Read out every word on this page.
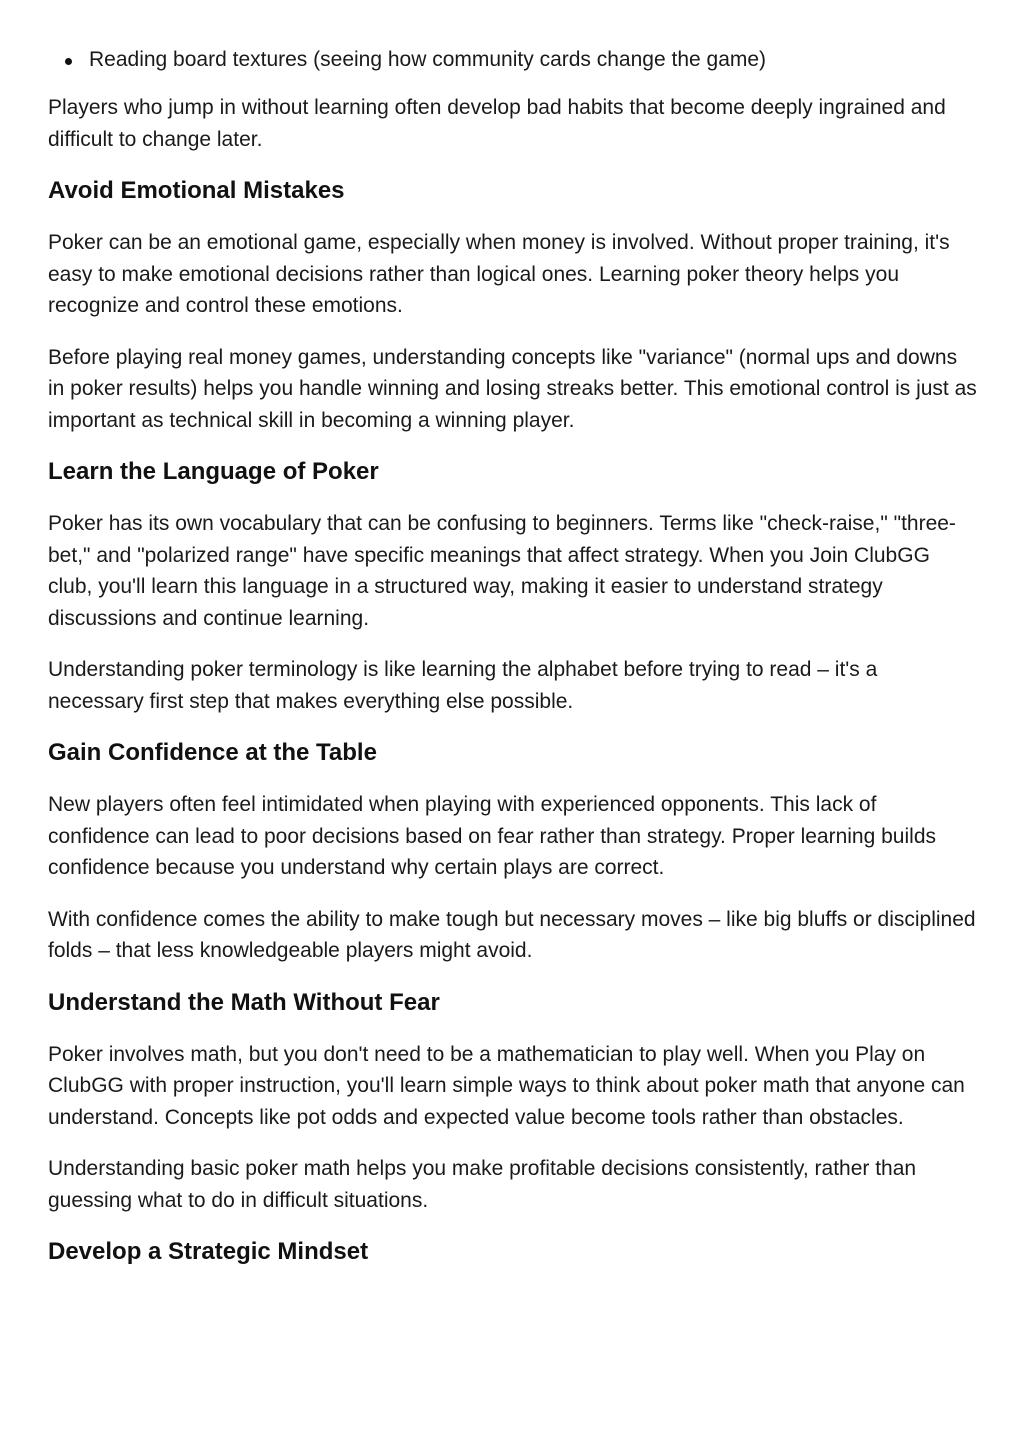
Reading board textures (seeing how community cards change the game)

Players who jump in without learning often develop bad habits that become deeply ingrained and difficult to change later.

Avoid Emotional Mistakes

Poker can be an emotional game, especially when money is involved. Without proper training, it's easy to make emotional decisions rather than logical ones. Learning poker theory helps you recognize and control these emotions.

Before playing real money games, understanding concepts like "variance" (normal ups and downs in poker results) helps you handle winning and losing streaks better. This emotional control is just as important as technical skill in becoming a winning player.

Learn the Language of Poker

Poker has its own vocabulary that can be confusing to beginners. Terms like "check-raise," "three-bet," and "polarized range" have specific meanings that affect strategy. When you Join ClubGG club, you'll learn this language in a structured way, making it easier to understand strategy discussions and continue learning.

Understanding poker terminology is like learning the alphabet before trying to read – it's a necessary first step that makes everything else possible.

Gain Confidence at the Table

New players often feel intimidated when playing with experienced opponents. This lack of confidence can lead to poor decisions based on fear rather than strategy. Proper learning builds confidence because you understand why certain plays are correct.

With confidence comes the ability to make tough but necessary moves – like big bluffs or disciplined folds – that less knowledgeable players might avoid.

Understand the Math Without Fear

Poker involves math, but you don't need to be a mathematician to play well. When you Play on ClubGG with proper instruction, you'll learn simple ways to think about poker math that anyone can understand. Concepts like pot odds and expected value become tools rather than obstacles.

Understanding basic poker math helps you make profitable decisions consistently, rather than guessing what to do in difficult situations.

Develop a Strategic Mindset
